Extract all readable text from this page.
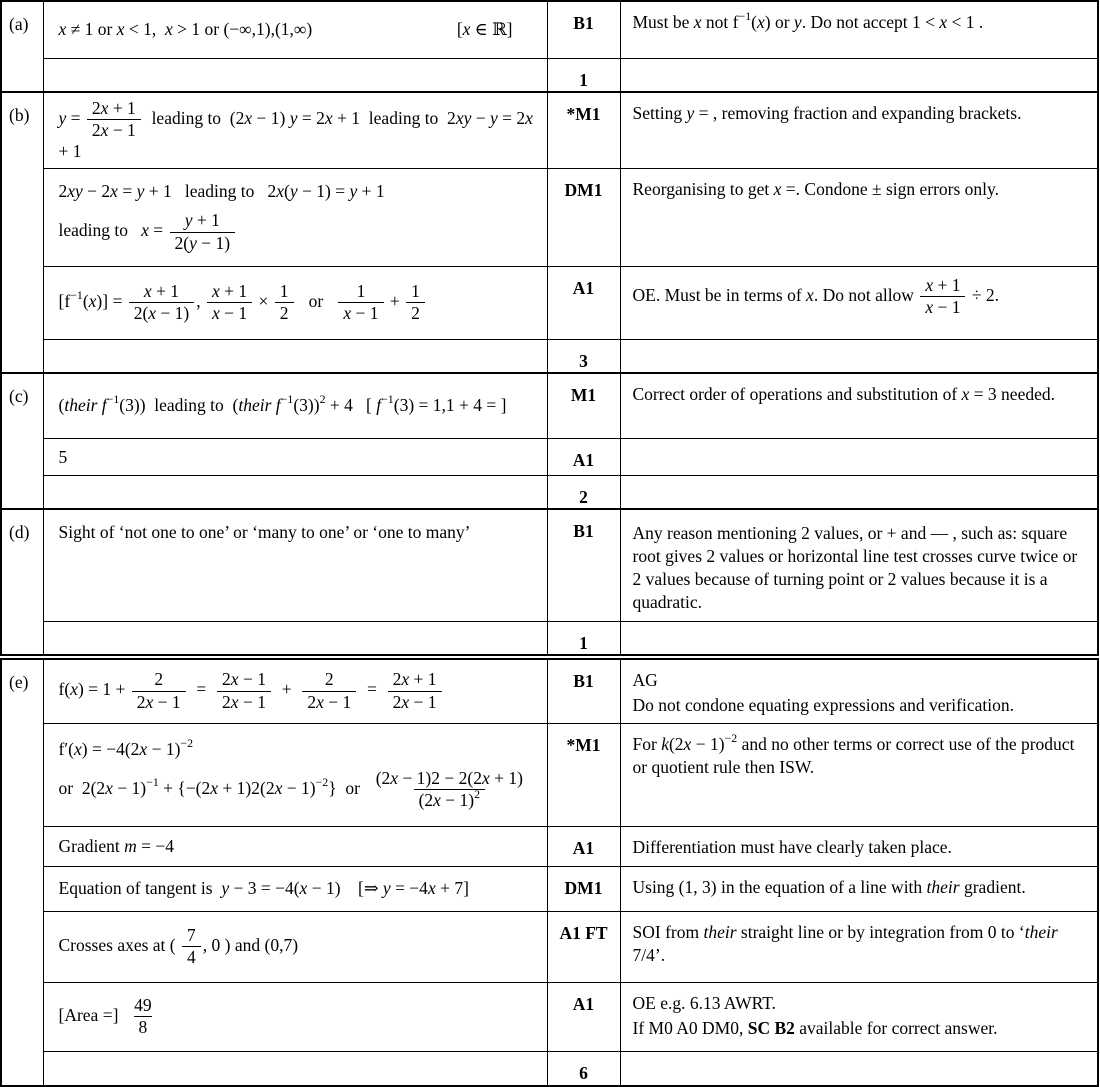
(a)	x ≠ 1 or x < 1,  x > 1 or (−∞,1),(1,∞) [x ∈ ℝ]	B1	Must be x not $f^{-1}(x)$ or y. Do not accept 1 < x < 1 .

		1	
(b)	$y = \frac{2x + 1}{2x - 1}$ leading to  (2x − 1) y = 2x + 1  leading to  2xy − y = 2x + 1	*M1	Setting y = , removing fraction and expanding brackets.

	2xy − 2x = y + 1   leading to   2x(y − 1) = y + 1
leading to   $x = \frac{y + 1}{2(y - 1)}$	DM1	Reorganising to get x =. Condone ± sign errors only.

$[f^{-1}(x)] = \frac{x + 1}{2(x - 1)}$ , $\frac{x + 1}{x - 1} \times \frac{1}{2}$ or $\frac{1}{x - 1} + \frac{1}{2}$	A1	OE. Must be in terms of x. Do not allow $\frac{x + 1}{x - 1} \div 2$.

		3	
(c)	(their $f^{-1}(3)$)  leading to  (their $f^{-1}(3))^2 + 4$   [ $f^{-1}(3) = 1,1 + 4$ = ]	M1	Correct order of operations and substitution of x = 3 needed.

	5	A1	
		2	
(d)	Sight of ‘not one to one’ or ‘many to one’ or ‘one to many’	B1	Any reason mentioning 2 values, or + and — , such as: square root gives 2 values or horizontal line test crosses curve twice or 2 values because of turning point or 2 values because it is a quadratic.

		1	
(e)	$f(x) = 1 + \frac{2}{2x - 1} = \frac{2x - 1}{2x - 1} + \frac{2}{2x - 1} = \frac{2x + 1}{2x - 1}$	B1	AG
Do not condone equating expressions and verification.

	$f'(x) = -4(2x - 1)^{-2}$
or  $2(2x - 1)^{-1} + \{-(2x + 1)2(2x - 1)^{-2}\}$  or $\frac{(2x - 1)2 - 2(2x + 1)}{(2x - 1)^2}$	*M1	For $k(2x - 1)^{-2}$ and no other terms or correct use of the product or quotient rule then ISW.

	Gradient m = −4	A1	Differentiation must have clearly taken place.

	Equation of tangent is  y − 3 = −4(x − 1)    [⇒ y = −4x + 7]	DM1	Using (1, 3) in the equation of a line with their gradient.

	Crosses axes at ( $\frac{7}{4}$ , 0 ) and (0,7)	A1 FT	SOI from their straight line or by integration from 0 to ‘their 7/4’.

[Area =] $\frac{49}{8}$	A1	OE e.g. 6.13 AWRT.
If M0 A0 DM0, SC B2 available for correct answer.

		6	
